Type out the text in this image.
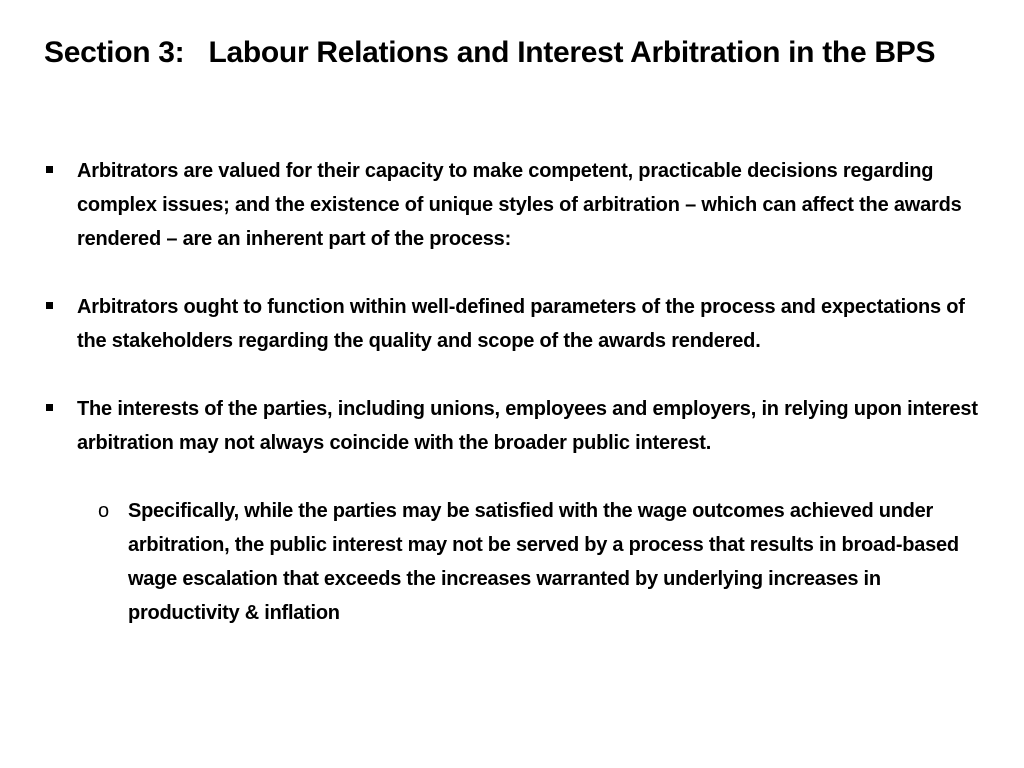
Section 3:   Labour Relations and Interest Arbitration in the BPS
Arbitrators are valued for their capacity to make competent, practicable decisions regarding complex issues; and the existence of unique styles of arbitration – which can affect the awards rendered – are an inherent part of the process:
Arbitrators ought to function within well-defined parameters of the process and expectations of the stakeholders regarding the quality and scope of the awards rendered.
The interests of the parties, including unions, employees and employers, in relying upon interest arbitration may not always coincide with the broader public interest.
o Specifically, while the parties may be satisfied with the wage outcomes achieved under arbitration, the public interest may not be served by a process that results in broad-based wage escalation that exceeds the increases warranted by underlying increases in productivity & inflation
